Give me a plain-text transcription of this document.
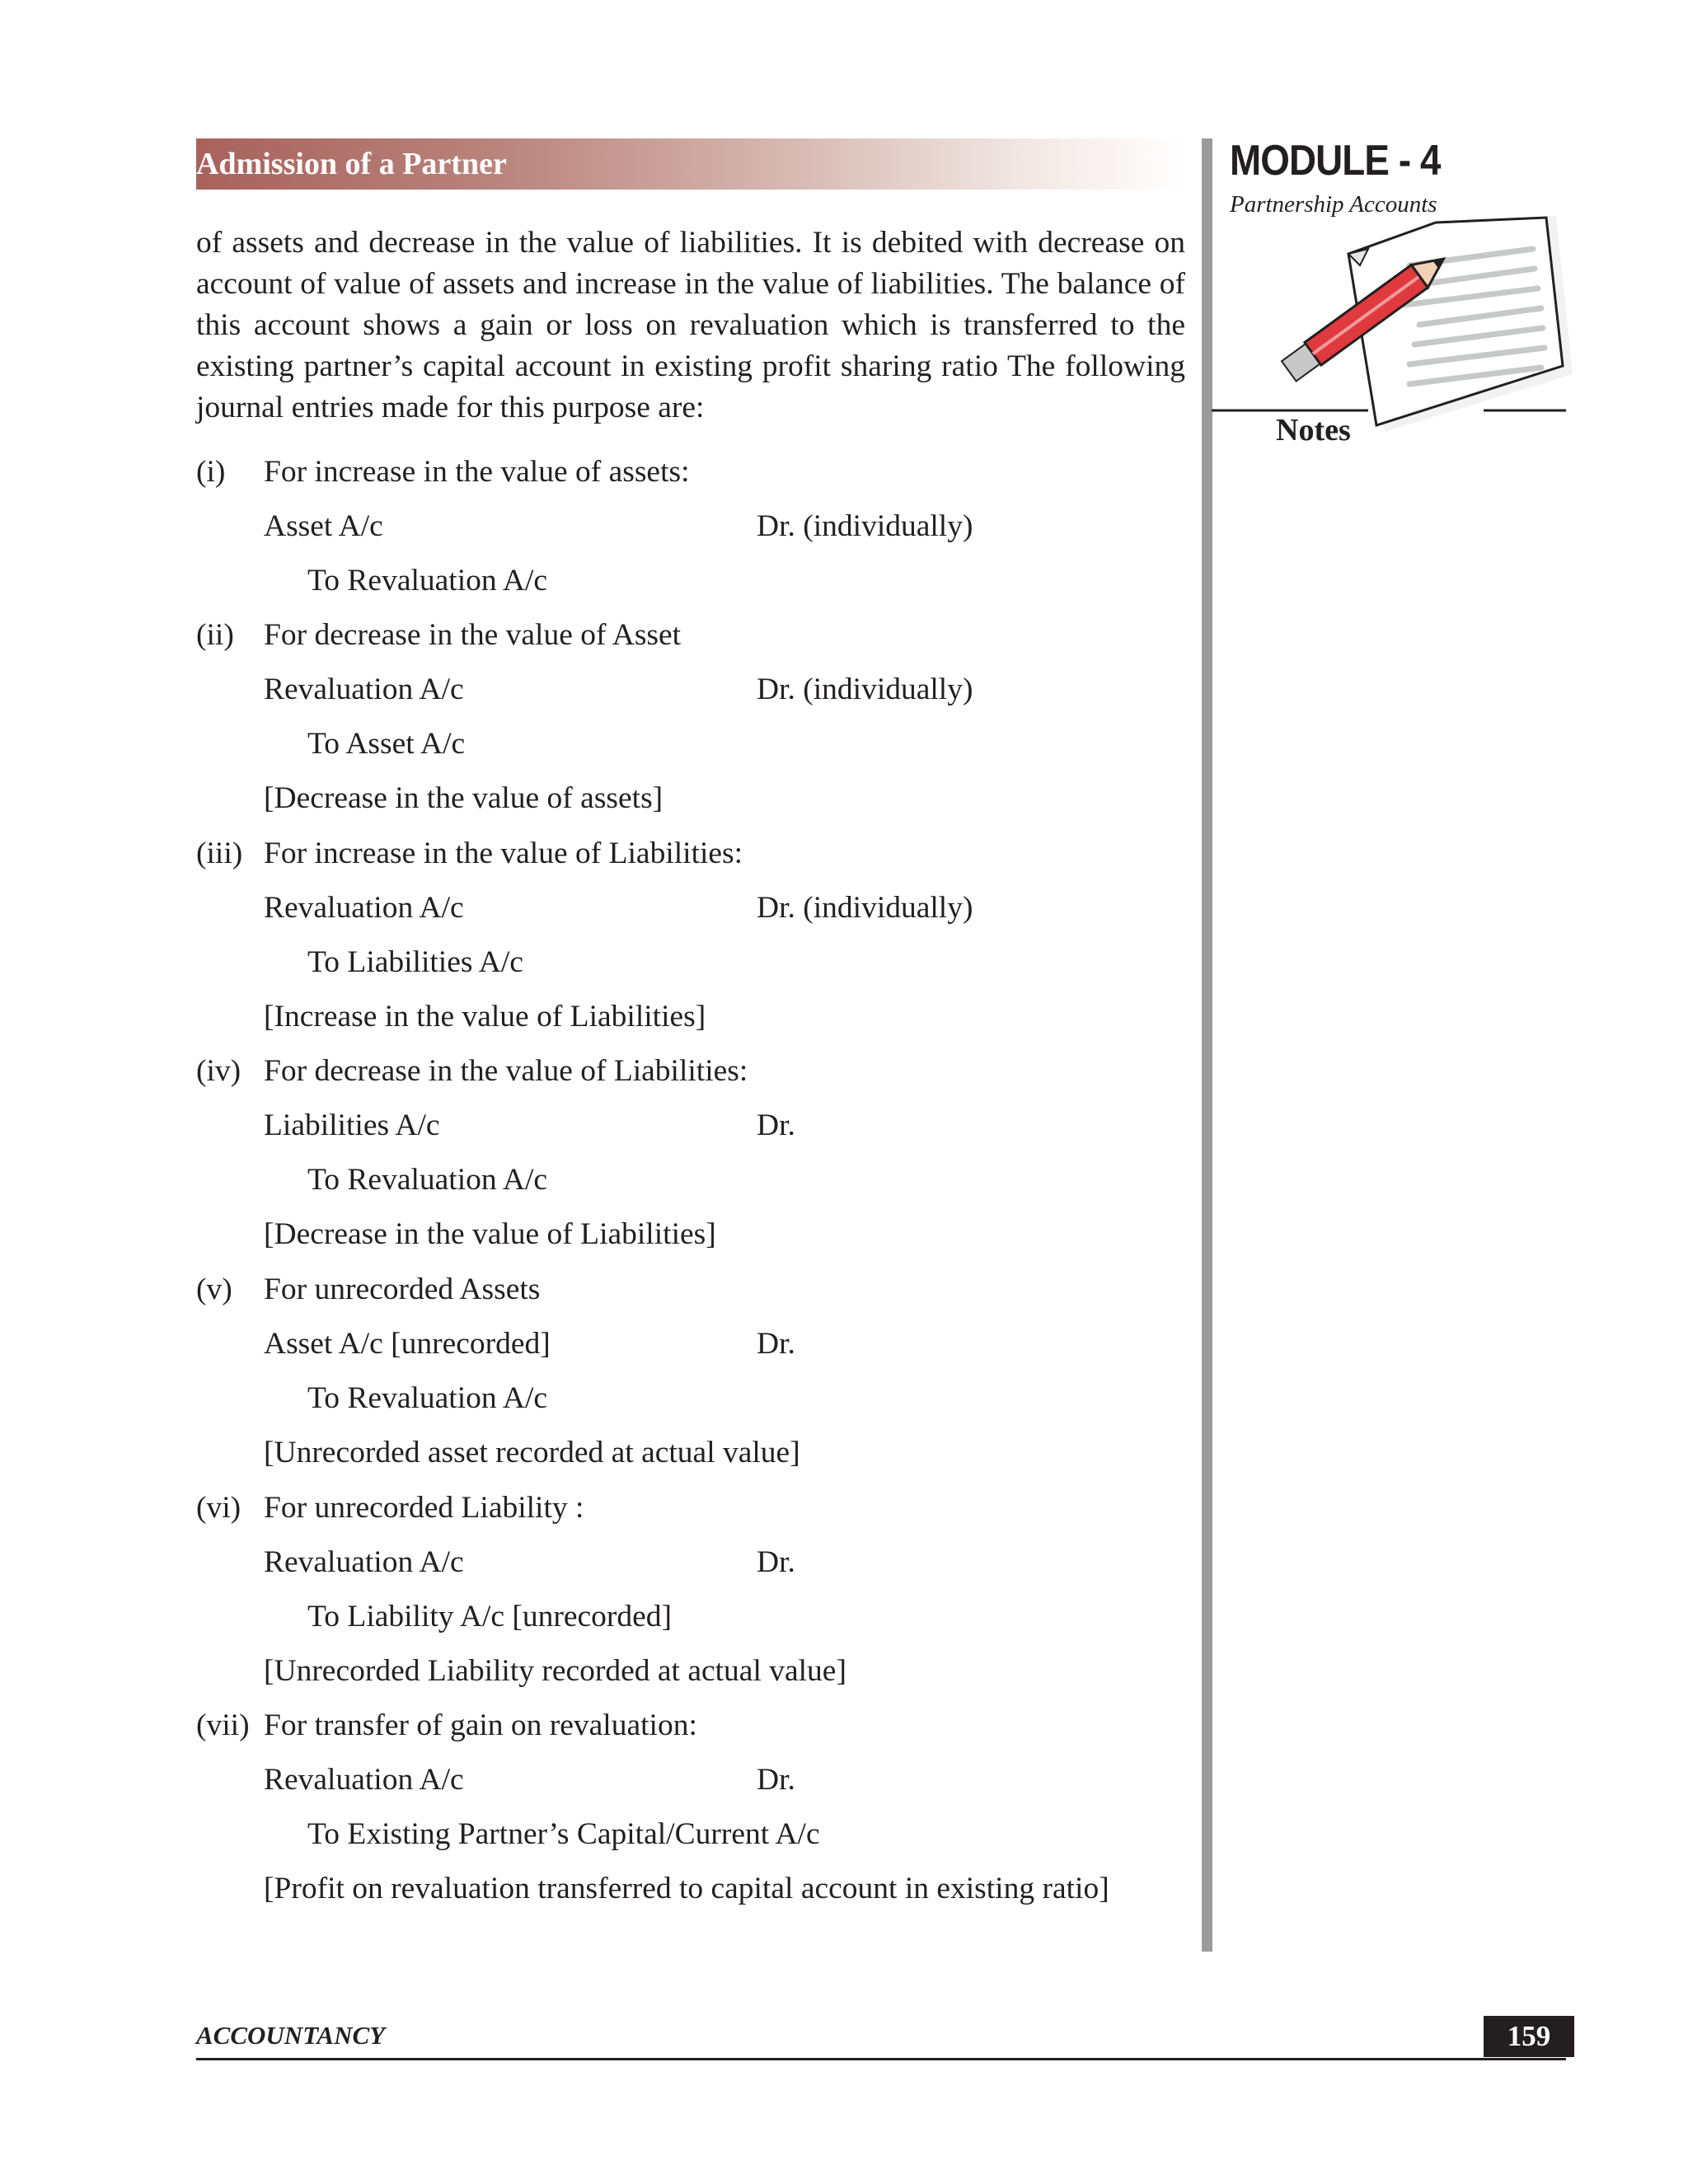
Admission of a Partner	MODULE - 4
Partnership Accounts
Notes

of assets and decrease in the value of liabilities. It is debited with decrease on account of value of assets and increase in the value of liabilities. The balance of this account shows a gain or loss on revaluation which is transferred to the existing partner’s capital account in existing profit sharing ratio The following journal entries made for this purpose are:

(i) For increase in the value of assets:
Asset A/c	Dr. (individually)
To Revaluation A/c
(ii) For decrease in the value of Asset
Revaluation A/c	Dr. (individually)
To Asset A/c
[Decrease in the value of assets]
(iii) For increase in the value of Liabilities:
Revaluation A/c	Dr. (individually)
To Liabilities A/c
[Increase in the value of Liabilities]
(iv) For decrease in the value of Liabilities:
Liabilities A/c	Dr.
To Revaluation A/c
[Decrease in the value of Liabilities]
(v) For unrecorded Assets
Asset A/c [unrecorded]	Dr.
To Revaluation A/c
[Unrecorded asset recorded at actual value]
(vi) For unrecorded Liability :
Revaluation A/c	Dr.
To Liability A/c [unrecorded]
[Unrecorded Liability recorded at actual value]
(vii) For transfer of gain on revaluation:
Revaluation A/c	Dr.
To Existing Partner’s Capital/Current A/c
[Profit on revaluation transferred to capital account in existing ratio]
ACCOUNTANCY	159
